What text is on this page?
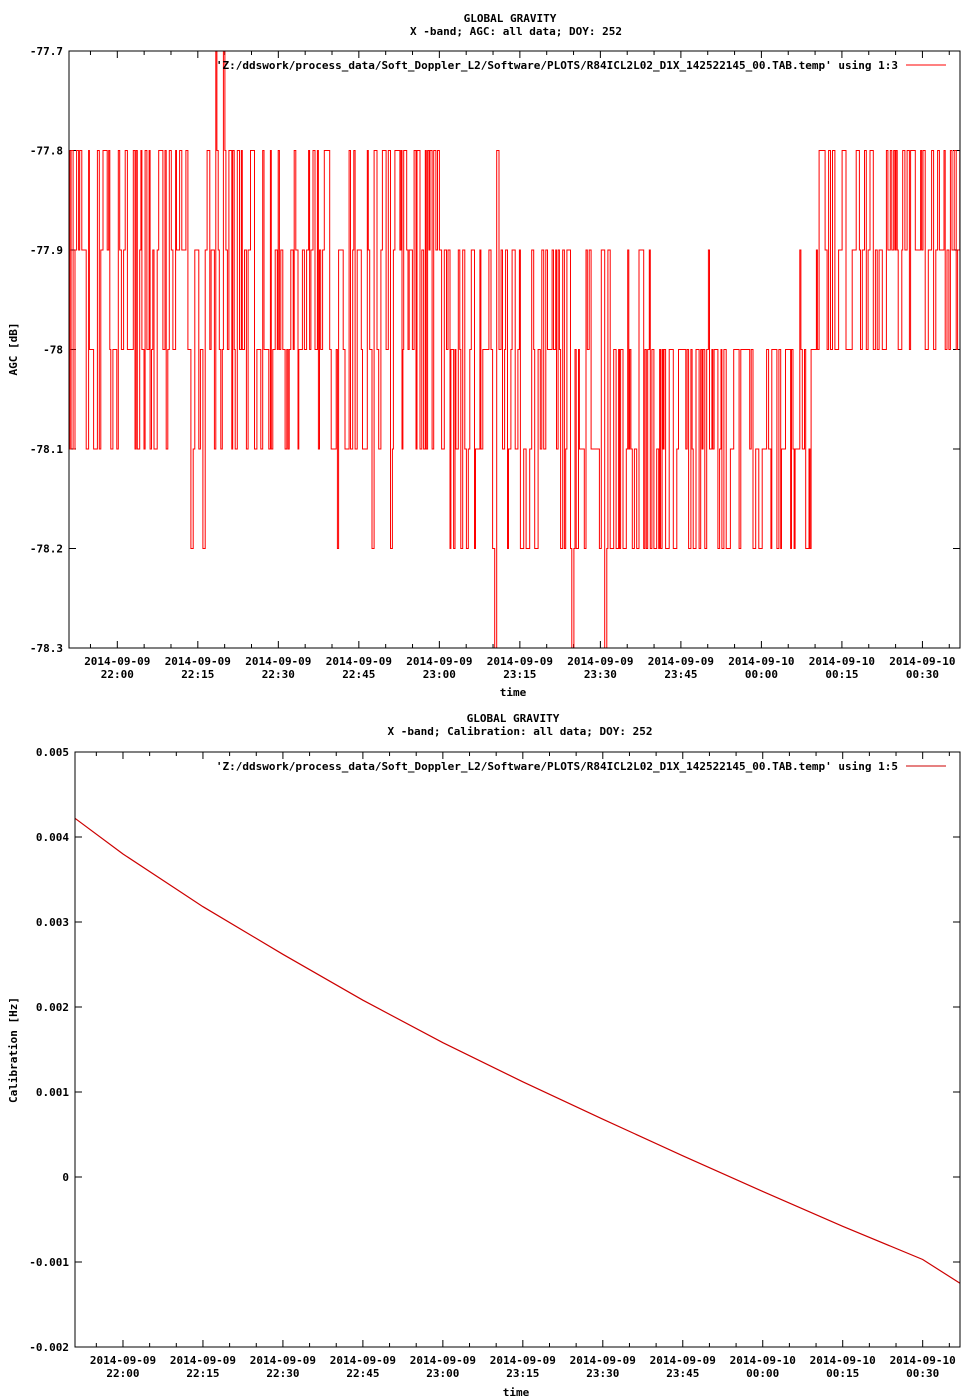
GLOBAL GRAVITY
X -band; AGC: all data; DOY: 252
AGC [dB]
time
-77.7
-77.8
-77.9
-78
-78.1
-78.2
-78.3
2014-09-09
22:00
2014-09-09
22:15
2014-09-09
22:30
2014-09-09
22:45
2014-09-09
23:00
2014-09-09
23:15
2014-09-09
23:30
2014-09-09
23:45
2014-09-10
00:00
2014-09-10
00:15
2014-09-10
00:30
'Z:/ddswork/process_data/Soft_Doppler_L2/Software/PLOTS/R84ICL2L02_D1X_142522145_00.TAB.temp' using 1:3
GLOBAL GRAVITY
X -band; Calibration: all data; DOY: 252
Calibration [Hz]
time
0.005
0.004
0.003
0.002
0.001
0
-0.001
-0.002
2014-09-09
22:00
2014-09-09
22:15
2014-09-09
22:30
2014-09-09
22:45
2014-09-09
23:00
2014-09-09
23:15
2014-09-09
23:30
2014-09-09
23:45
2014-09-10
00:00
2014-09-10
00:15
2014-09-10
00:30
'Z:/ddswork/process_data/Soft_Doppler_L2/Software/PLOTS/R84ICL2L02_D1X_142522145_00.TAB.temp' using 1:5
